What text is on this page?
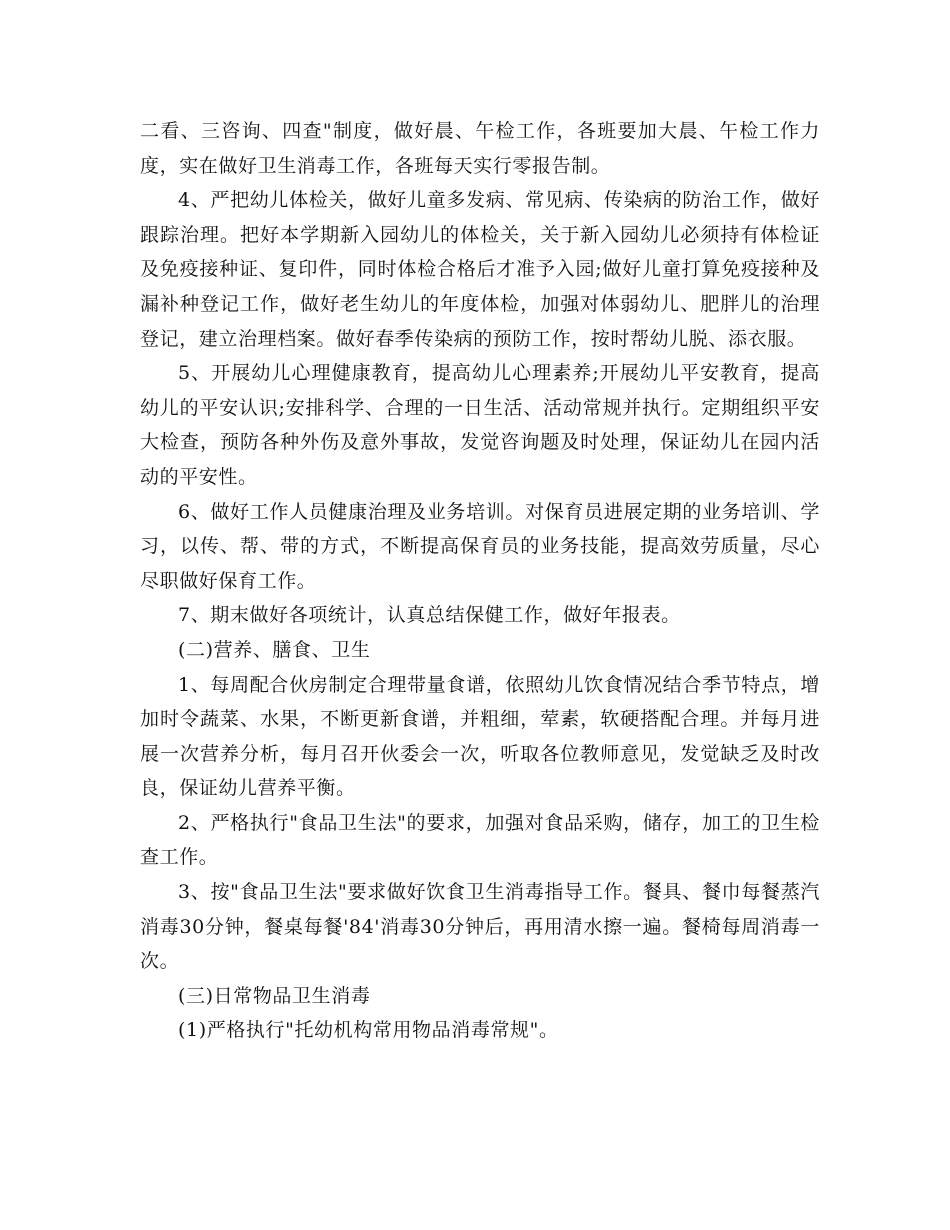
二看、三咨询、四查"制度，做好晨、午检工作，各班要加大晨、午检工作力度，实在做好卫生消毒工作，各班每天实行零报告制。

4、严把幼儿体检关，做好儿童多发病、常见病、传染病的防治工作，做好跟踪治理。把好本学期新入园幼儿的体检关，关于新入园幼儿必须持有体检证及免疫接种证、复印件，同时体检合格后才准予入园;做好儿童打算免疫接种及漏补种登记工作，做好老生幼儿的年度体检，加强对体弱幼儿、肥胖儿的治理登记，建立治理档案。做好春季传染病的预防工作，按时帮幼儿脱、添衣服。

5、开展幼儿心理健康教育，提高幼儿心理素养;开展幼儿平安教育，提高幼儿的平安认识;安排科学、合理的一日生活、活动常规并执行。定期组织平安大检查，预防各种外伤及意外事故，发觉咨询题及时处理，保证幼儿在园内活动的平安性。

6、做好工作人员健康治理及业务培训。对保育员进展定期的业务培训、学习，以传、帮、带的方式，不断提高保育员的业务技能，提高效劳质量，尽心尽职做好保育工作。

7、期末做好各项统计，认真总结保健工作，做好年报表。

(二)营养、膳食、卫生

1、每周配合伙房制定合理带量食谱，依照幼儿饮食情况结合季节特点，增加时令蔬菜、水果，不断更新食谱，并粗细，荤素，软硬搭配合理。并每月进展一次营养分析，每月召开伙委会一次，听取各位教师意见，发觉缺乏及时改良，保证幼儿营养平衡。

2、严格执行"食品卫生法"的要求，加强对食品采购，储存，加工的卫生检查工作。

3、按"食品卫生法"要求做好饮食卫生消毒指导工作。餐具、餐巾每餐蒸汽消毒30分钟，餐桌每餐'84'消毒30分钟后，再用清水擦一遍。餐椅每周消毒一次。

(三)日常物品卫生消毒

(1)严格执行"托幼机构常用物品消毒常规"。
